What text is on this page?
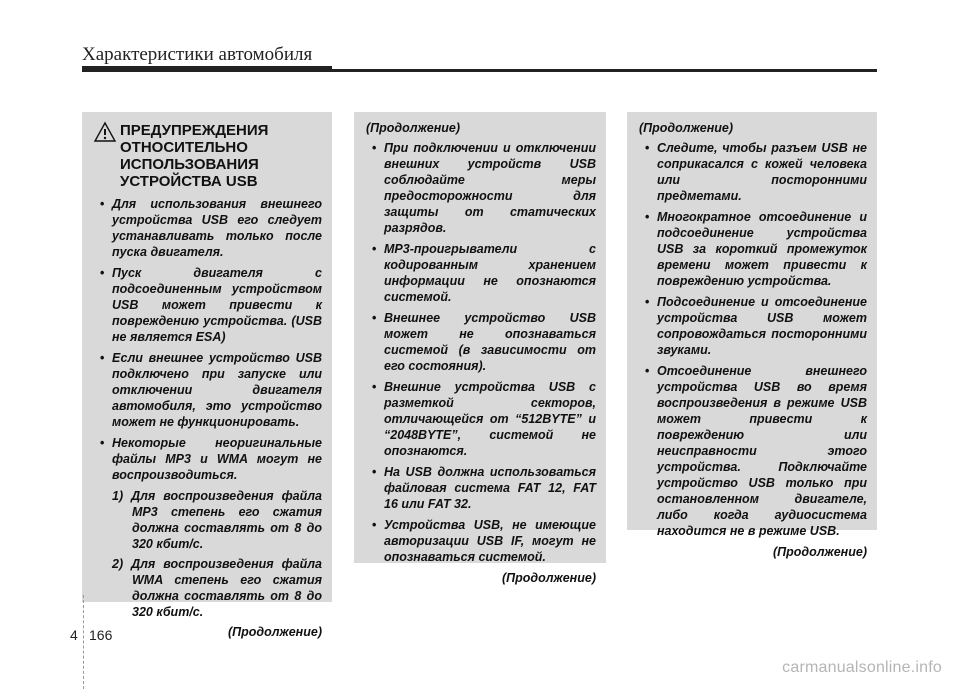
Характеристики автомобиля
ПРЕДУПРЕЖДЕНИЯ ОТНОСИТЕЛЬНО ИСПОЛЬЗОВАНИЯ УСТРОЙСТВА USB
• Для использования внешнего устройства USB его следует устанавливать только после пуска двигателя.
• Пуск двигателя с подсоединенным устройством USB может привести к повреждению устройства. (USB не является ESA)
• Если внешнее устройство USB подключено при запуске или отключении двигателя автомобиля, это устройство может не функционировать.
• Некоторые неоригинальные файлы MP3 и WMA могут не воспроизводиться.
1) Для воспроизведения файла MP3 степень его сжатия должна составлять от 8 до 320 кбит/с.
2) Для воспроизведения файла WMA степень его сжатия должна составлять от 8 до 320 кбит/с.
(Продолжение)
(Продолжение)
• При подключении и отключении внешних устройств USB соблюдайте меры предосторожности для защиты от статических разрядов.
• MP3-проигрыватели с кодированным хранением информации не опознаются системой.
• Внешнее устройство USB может не опознаваться системой (в зависимости от его состояния).
• Внешние устройства USB с разметкой секторов, отличающейся от “512BYTE” и “2048BYTE”, системой не опознаются.
• На USB должна использоваться файловая система FAT 12, FAT 16 или FAT 32.
• Устройства USB, не имеющие авторизации USB IF, могут не опознаваться системой.
(Продолжение)
(Продолжение)
• Следите, чтобы разъем USB не соприкасался с кожей человека или посторонними предметами.
• Многократное отсоединение и подсоединение устройства USB за короткий промежуток времени может привести к повреждению устройства.
• Подсоединение и отсоединение устройства USB может сопровождаться посторонними звуками.
• Отсоединение внешнего устройства USB во время воспроизведения в режиме USB может привести к повреждению или неисправности этого устройства. Подключайте устройство USB только при остановленном двигателе, либо когда аудиосистема находится не в режиме USB.
(Продолжение)
4 166
carmanualsonline.info
